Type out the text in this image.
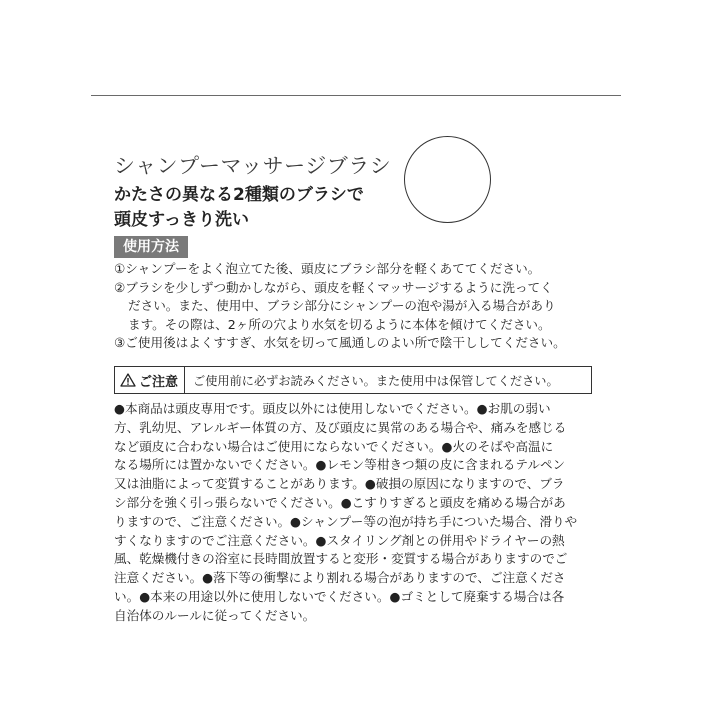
シャンプーマッサージブラシ
かたさの異なる2種類のブラシで
頭皮すっきり洗い
使用方法
①シャンプーをよく泡立てた後、頭皮にブラシ部分を軽くあててください。
②ブラシを少しずつ動かしながら、頭皮を軽くマッサージするように洗ってく
ださい。また、使用中、ブラシ部分にシャンプーの泡や湯が入る場合があり
ます。その際は、2ヶ所の穴より水気を切るように本体を傾けてください。
③ご使用後はよくすすぎ、水気を切って風通しのよい所で陰干ししてください。
ご注意	ご使用前に必ずお読みください。また使用中は保管してください。
●本商品は頭皮専用です。頭皮以外には使用しないでください。●お肌の弱い
方、乳幼児、アレルギー体質の方、及び頭皮に異常のある場合や、痛みを感じる
など頭皮に合わない場合はご使用にならないでください。●火のそばや高温に
なる場所には置かないでください。●レモン等柑きつ類の皮に含まれるテルペン
又は油脂によって変質することがあります。●破損の原因になりますので、ブラ
シ部分を強く引っ張らないでください。●こすりすぎると頭皮を痛める場合があ
りますので、ご注意ください。●シャンプー等の泡が持ち手についた場合、滑りや
すくなりますのでご注意ください。●スタイリング剤との併用やドライヤーの熱
風、乾燥機付きの浴室に長時間放置すると変形・変質する場合がありますのでご
注意ください。●落下等の衝撃により割れる場合がありますので、ご注意くださ
い。●本来の用途以外に使用しないでください。●ゴミとして廃棄する場合は各
自治体のルールに従ってください。
